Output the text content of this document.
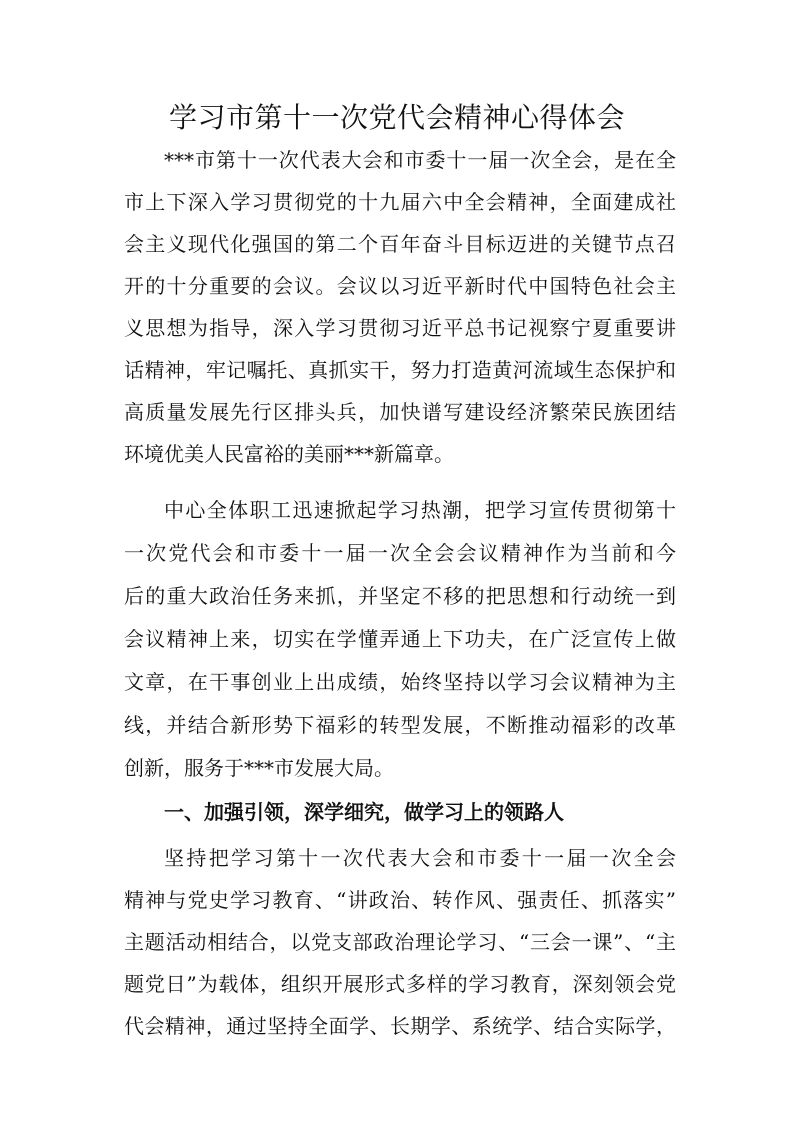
学习市第十一次党代会精神心得体会

***市第十一次代表大会和市委十一届一次全会，是在全

市上下深入学习贯彻党的十九届六中全会精神，全面建成社

会主义现代化强国的第二个百年奋斗目标迈进的关键节点召

开的十分重要的会议。会议以习近平新时代中国特色社会主

义思想为指导，深入学习贯彻习近平总书记视察宁夏重要讲

话精神，牢记嘱托、真抓实干，努力打造黄河流域生态保护和

高质量发展先行区排头兵，加快谱写建设经济繁荣民族团结

环境优美人民富裕的美丽***新篇章。

中心全体职工迅速掀起学习热潮，把学习宣传贯彻第十

一次党代会和市委十一届一次全会会议精神作为当前和今

后的重大政治任务来抓，并坚定不移的把思想和行动统一到

会议精神上来，切实在学懂弄通上下功夫，在广泛宣传上做

文章，在干事创业上出成绩，始终坚持以学习会议精神为主

线，并结合新形势下福彩的转型发展，不断推动福彩的改革

创新，服务于***市发展大局。

一、加强引领，深学细究，做学习上的领路人

坚持把学习第十一次代表大会和市委十一届一次全会

精神与党史学习教育、“讲政治、转作风、强责任、抓落实”

主题活动相结合，以党支部政治理论学习、“三会一课”、“主

题党日”为载体，组织开展形式多样的学习教育，深刻领会党

代会精神，通过坚持全面学、长期学、系统学、结合实际学，
